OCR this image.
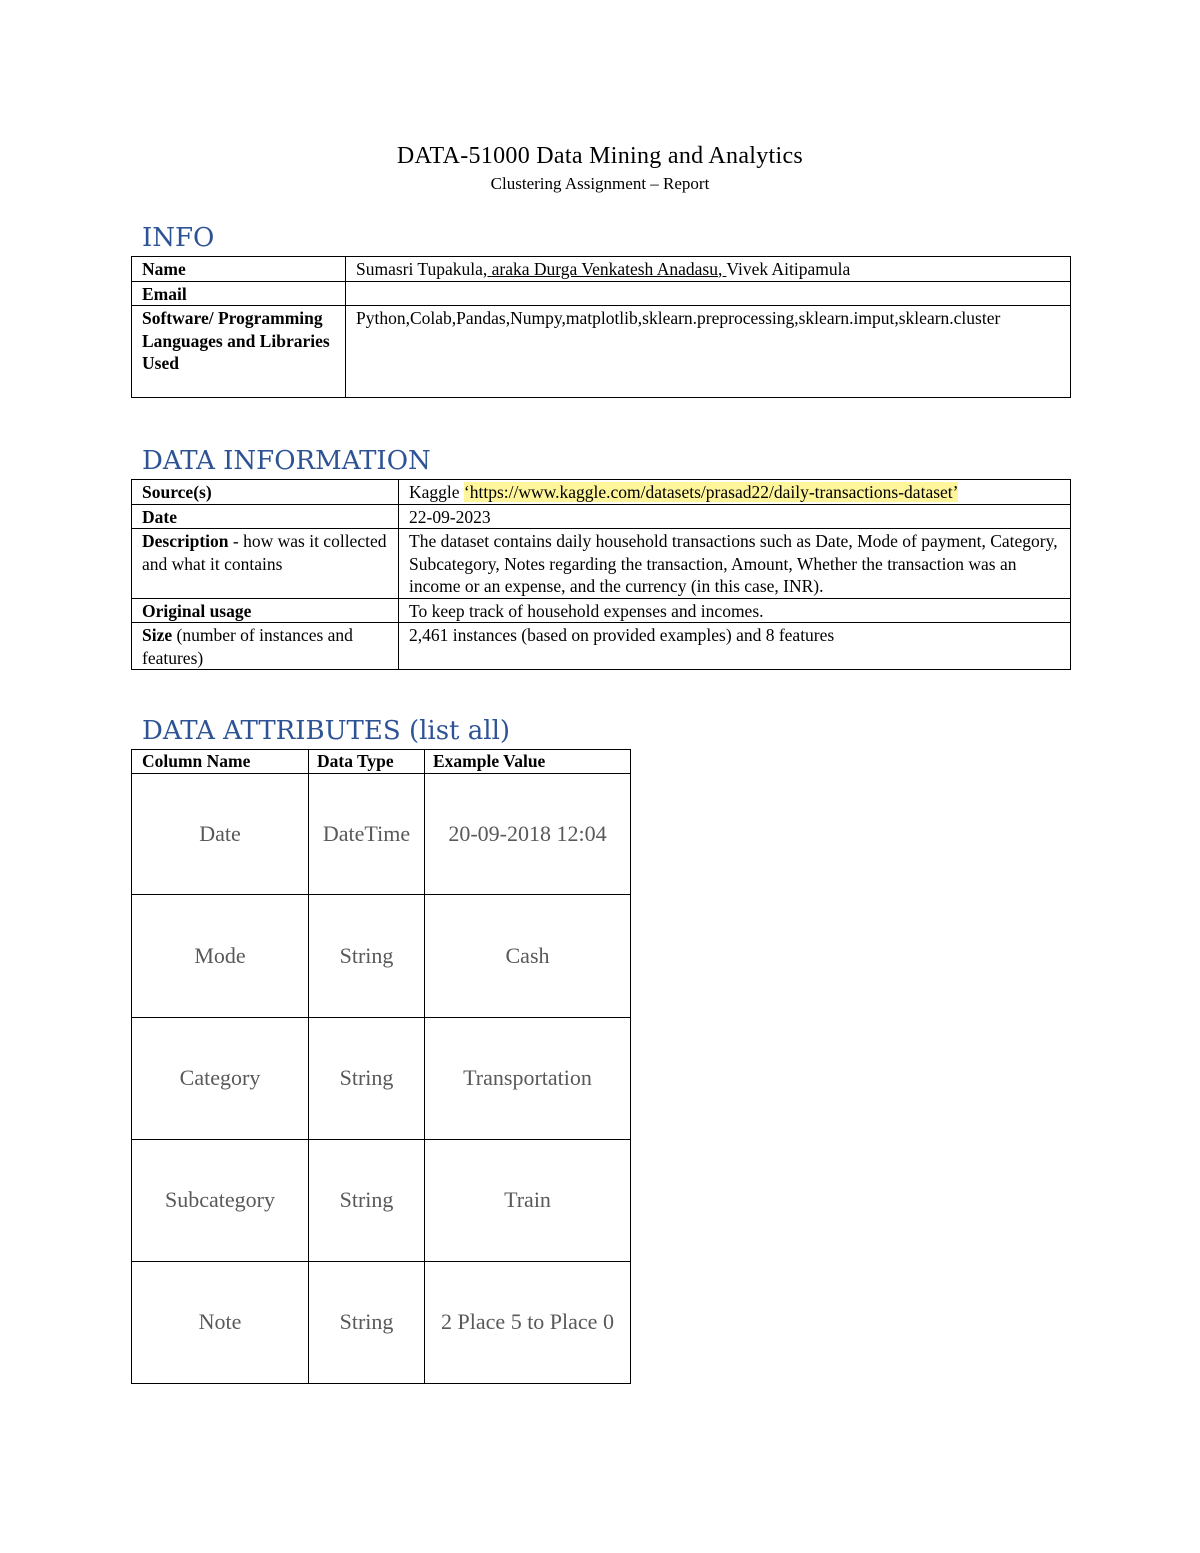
DATA-51000 Data Mining and Analytics
Clustering Assignment – Report
INFO
Name	Sumasri Tupakula, araka Durga Venkatesh Anadasu, Vivek Aitipamula
Email	
Software/ Programming Languages and Libraries Used	Python,Colab,Pandas,Numpy,matplotlib,sklearn.preprocessing,sklearn.imput,sklearn.cluster
DATA INFORMATION
Source(s)	Kaggle ‘https://www.kaggle.com/datasets/prasad22/daily-transactions-dataset’
Date	22-09-2023
Description - how was it collected and what it contains	The dataset contains daily household transactions such as Date, Mode of payment, Category, Subcategory, Notes regarding the transaction, Amount, Whether the transaction was an income or an expense, and the currency (in this case, INR).
Original usage	To keep track of household expenses and incomes.
Size (number of instances and features)	2,461 instances (based on provided examples) and 8 features
DATA ATTRIBUTES (list all)
Column Name	Data Type	Example Value
Date	DateTime	20-09-2018 12:04
Mode	String	Cash
Category	String	Transportation
Subcategory	String	Train
Note	String	2 Place 5 to Place 0
